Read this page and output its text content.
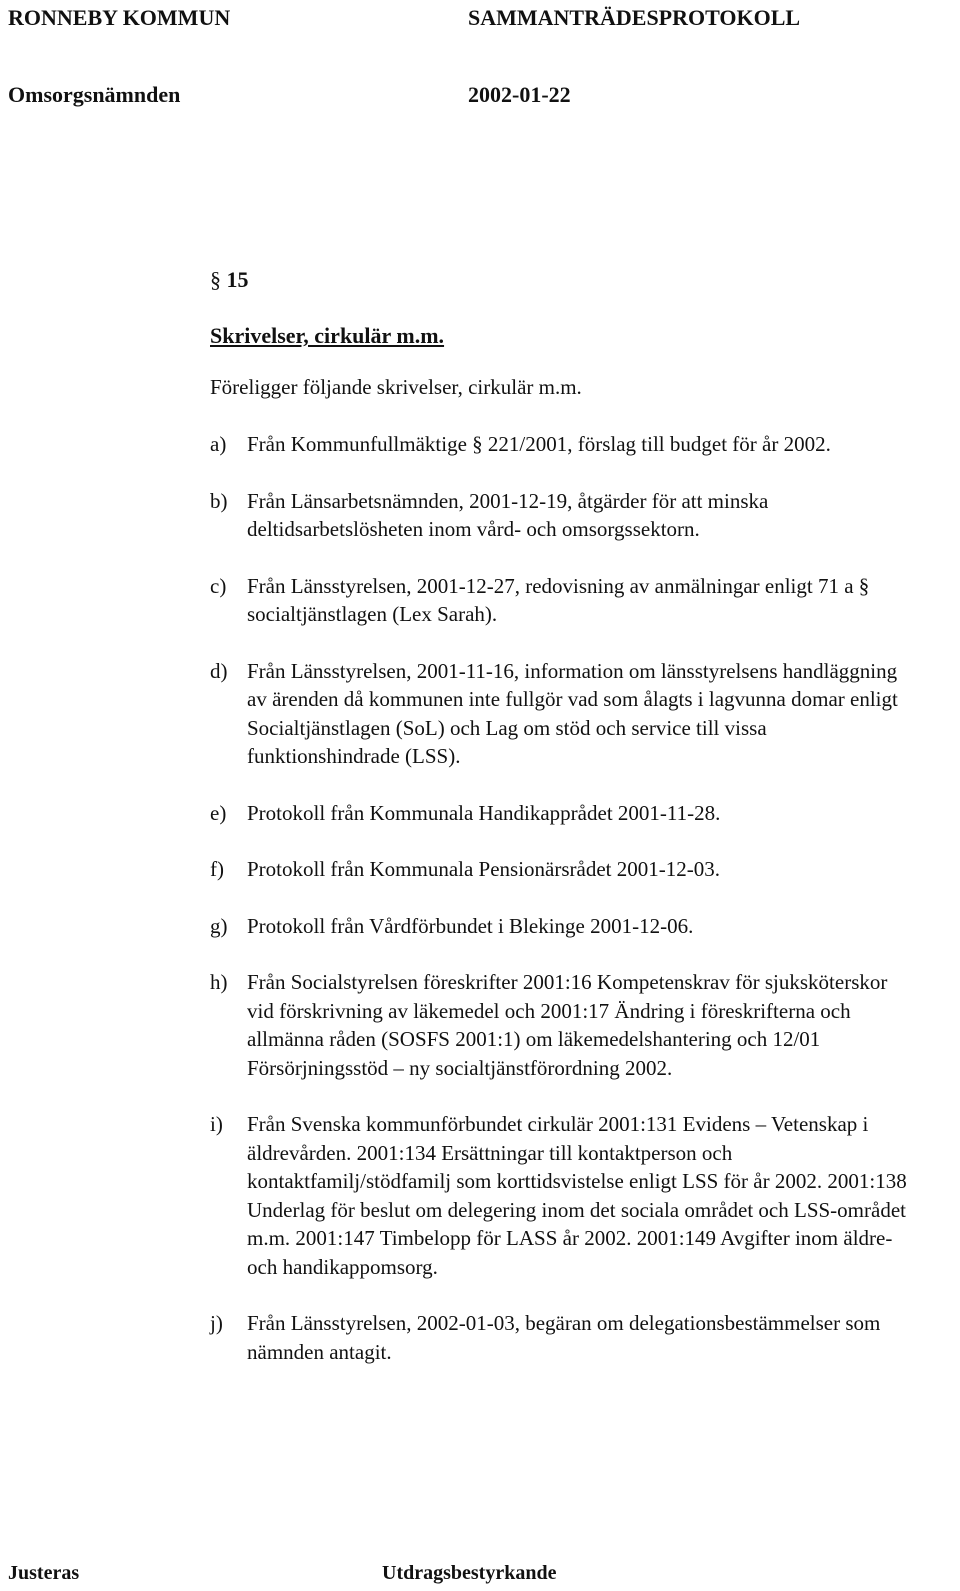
RONNEBY KOMMUN	SAMMANTRÄDESPROTOKOLL
Omsorgsnämnden	2002-01-22

§ 15

Skrivelser, cirkulär m.m.

Föreligger följande skrivelser, cirkulär m.m.

a) Från Kommunfullmäktige § 221/2001, förslag till budget för år 2002.
b) Från Länsarbetsnämnden, 2001-12-19, åtgärder för att minska deltidsarbetslösheten inom vård- och omsorgssektorn.
c) Från Länsstyrelsen, 2001-12-27, redovisning av anmälningar enligt 71 a § socialtjänstlagen (Lex Sarah).
d) Från Länsstyrelsen, 2001-11-16, information om länsstyrelsens handläggning av ärenden då kommunen inte fullgör vad som ålagts i lagvunna domar enligt Socialtjänstlagen (SoL) och Lag om stöd och service till vissa funktionshindrade (LSS).
e) Protokoll från Kommunala Handikapprådet 2001-11-28.
f)	Protokoll från Kommunala Pensionärsrådet 2001-12-03.
g) Protokoll från Vårdförbundet i Blekinge 2001-12-06.
h) Från Socialstyrelsen föreskrifter 2001:16 Kompetenskrav för sjuksköterskor vid förskrivning av läkemedel och 2001:17 Ändring i föreskrifterna och allmänna råden (SOSFS 2001:1) om läkemedelshantering och 12/01 Försörjningsstöd – ny socialtjänstförordning 2002.
i)	Från Svenska kommunförbundet cirkulär 2001:131 Evidens – Vetenskap i äldrevården. 2001:134 Ersättningar till kontaktperson och kontaktfamilj/stödfamilj som korttidsvistelse enligt LSS för år 2002. 2001:138 Underlag för beslut om delegering inom det sociala området och LSS-området m.m. 2001:147 Timbelopp för LASS år 2002. 2001:149 Avgifter inom äldre- och handikappomsorg.
j)	Från Länsstyrelsen, 2002-01-03, begäran om delegationsbestämmelser som nämnden antagit.
Justeras	Utdragsbestyrkande
